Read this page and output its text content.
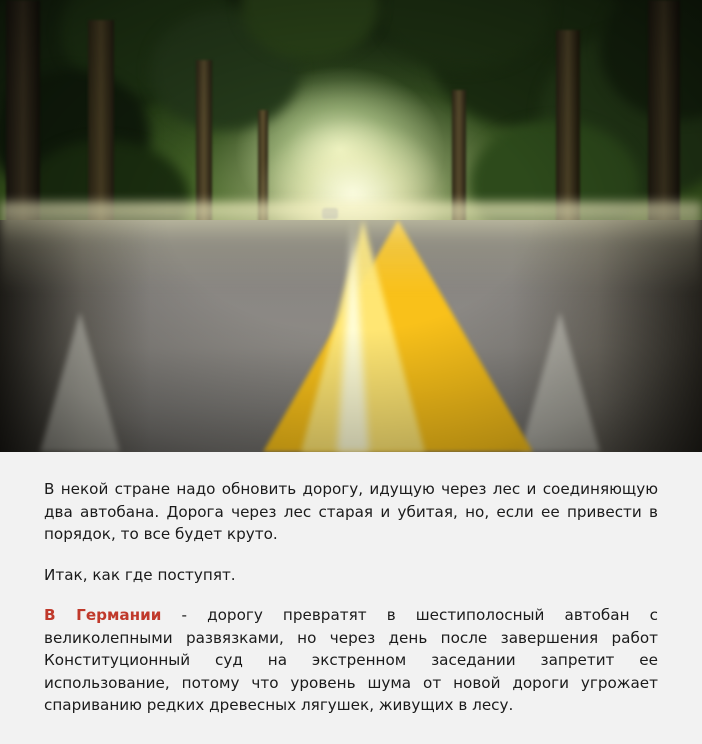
В некой стране надо обновить дорогу, идущую через лес и соединяющую два автобана. Дорога через лес старая и убитая, но, если ее привести в порядок, то все будет круто.

Итак, как где поступят.

В Германии - дорогу превратят в шестиполосный автобан с великолепными развязками, но через день после завершения работ Конституционный суд на экстренном заседании запретит ее использование, потому что уровень шума от новой дороги угрожает спариванию редких древесных лягушек, живущих в лесу.
